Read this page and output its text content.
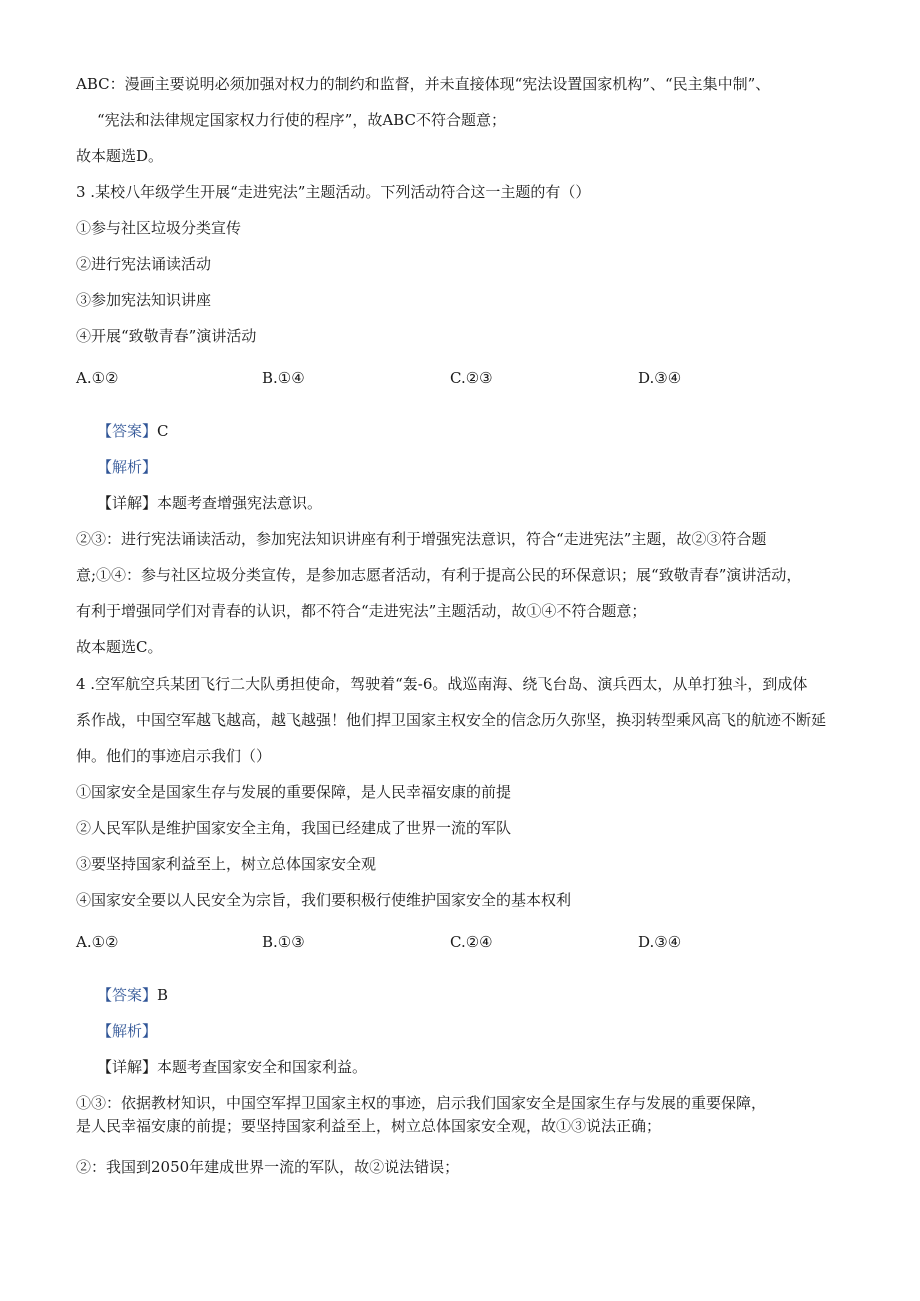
ABC：漫画主要说明必须加强对权力的制约和监督，并未直接体现“宪法设置国家机构”、“民主集中制”、
“宪法和法律规定国家权力行使的程序”，故ABC不符合题意；
故本题选D。
3 .某校八年级学生开展“走进宪法”主题活动。下列活动符合这一主题的有（）
①参与社区垃圾分类宣传
②进行宪法诵读活动
③参加宪法知识讲座
④开展“致敬青春”演讲活动
A.①②	B.①④	C.②③	D.③④
【答案】C
【解析】
【详解】本题考查增强宪法意识。
②③：进行宪法诵读活动，参加宪法知识讲座有利于增强宪法意识，符合“走进宪法”主题，故②③符合题
意;①④：参与社区垃圾分类宣传，是参加志愿者活动，有利于提高公民的环保意识；展“致敬青春”演讲活动，
有利于增强同学们对青春的认识，都不符合“走进宪法”主题活动，故①④不符合题意；
故本题选C。
4 .空军航空兵某团飞行二大队勇担使命，驾驶着“轰-6。战巡南海、绕飞台岛、演兵西太，从单打独斗，到成体
系作战，中国空军越飞越高，越飞越强！他们捍卫国家主权安全的信念历久弥坚，换羽转型乘风高飞的航迹不断延
伸。他们的事迹启示我们（）
①国家安全是国家生存与发展的重要保障，是人民幸福安康的前提
②人民军队是维护国家安全主角，我国已经建成了世界一流的军队
③要坚持国家利益至上，树立总体国家安全观
④国家安全要以人民安全为宗旨，我们要积极行使维护国家安全的基本权利
A.①②	B.①③	C.②④	D.③④
【答案】B
【解析】
【详解】本题考查国家安全和国家利益。
①③：依据教材知识，中国空军捍卫国家主权的事迹，启示我们国家安全是国家生存与发展的重要保障，
是人民幸福安康的前提；要坚持国家利益至上，树立总体国家安全观，故①③说法正确；
②：我国到2050年建成世界一流的军队，故②说法错误；
